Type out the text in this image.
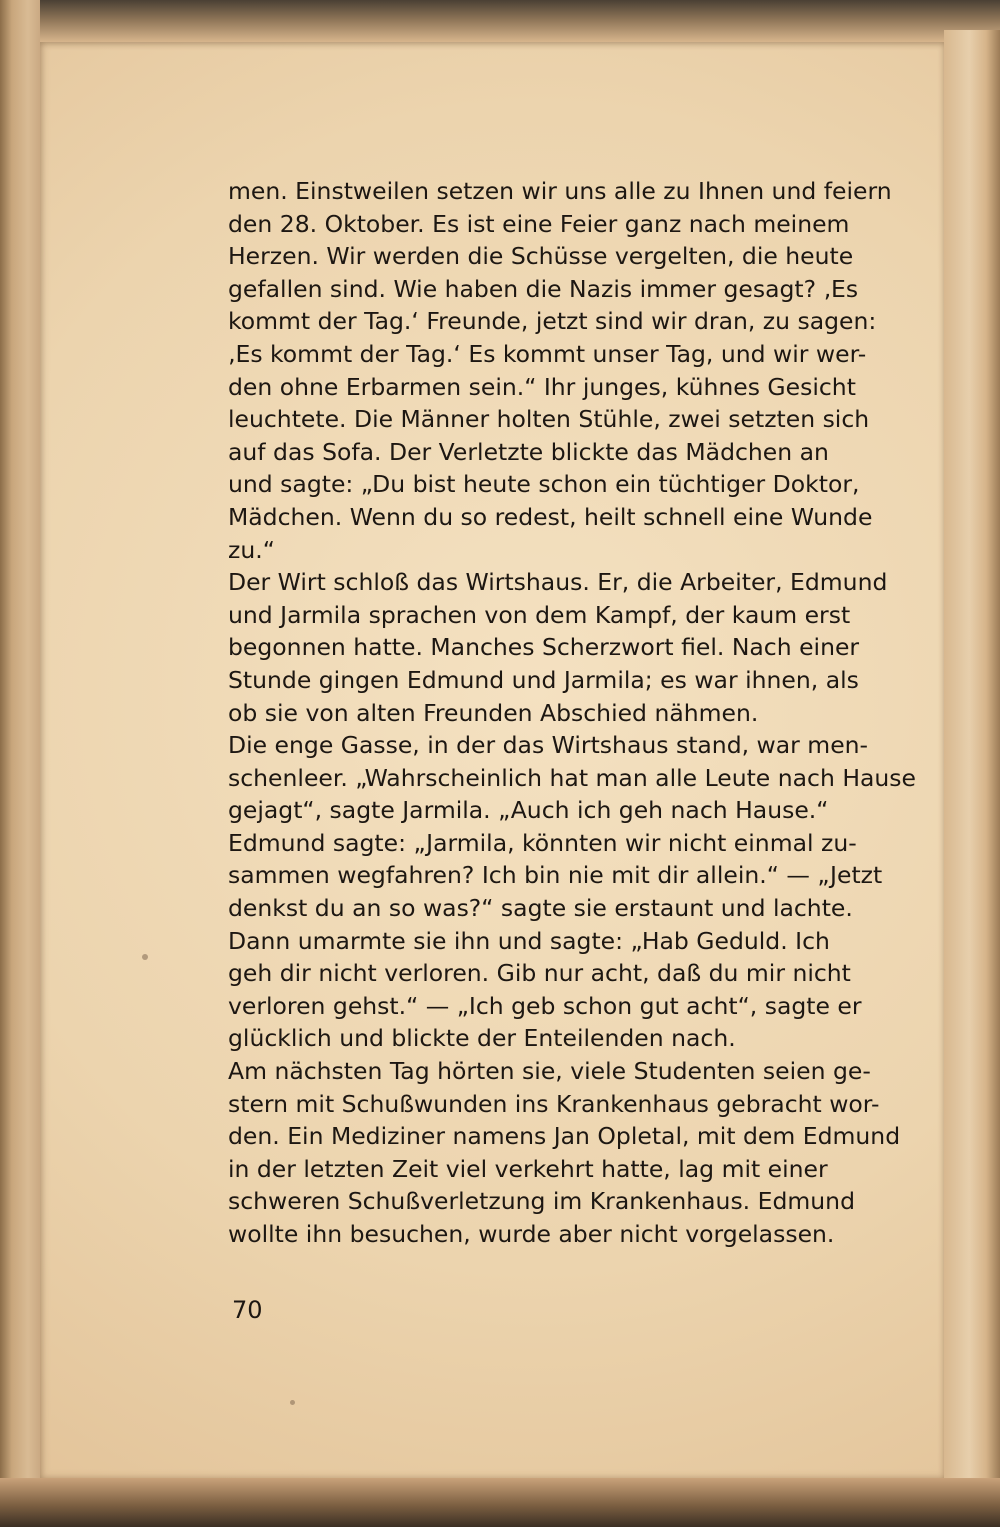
men. Einstweilen setzen wir uns alle zu Ihnen und feiern
den 28. Oktober. Es ist eine Feier ganz nach meinem
Herzen. Wir werden die Schüsse vergelten, die heute
gefallen sind. Wie haben die Nazis immer gesagt? ‚Es
kommt der Tag.‘ Freunde, jetzt sind wir dran, zu sagen:
‚Es kommt der Tag.‘ Es kommt unser Tag, und wir wer-
den ohne Erbarmen sein.“ Ihr junges, kühnes Gesicht
leuchtete. Die Männer holten Stühle, zwei setzten sich
auf das Sofa. Der Verletzte blickte das Mädchen an
und sagte: „Du bist heute schon ein tüchtiger Doktor,
Mädchen. Wenn du so redest, heilt schnell eine Wunde
zu.“
Der Wirt schloß das Wirtshaus. Er, die Arbeiter, Edmund
und Jarmila sprachen von dem Kampf, der kaum erst
begonnen hatte. Manches Scherzwort fiel. Nach einer
Stunde gingen Edmund und Jarmila; es war ihnen, als
ob sie von alten Freunden Abschied nähmen.
Die enge Gasse, in der das Wirtshaus stand, war men-
schenleer. „Wahrscheinlich hat man alle Leute nach Hause
gejagt“, sagte Jarmila. „Auch ich geh nach Hause.“
Edmund sagte: „Jarmila, könnten wir nicht einmal zu-
sammen wegfahren? Ich bin nie mit dir allein.“ — „Jetzt
denkst du an so was?“ sagte sie erstaunt und lachte.
Dann umarmte sie ihn und sagte: „Hab Geduld. Ich
geh dir nicht verloren. Gib nur acht, daß du mir nicht
verloren gehst.“ — „Ich geb schon gut acht“, sagte er
glücklich und blickte der Enteilenden nach.
Am nächsten Tag hörten sie, viele Studenten seien ge-
stern mit Schußwunden ins Krankenhaus gebracht wor-
den. Ein Mediziner namens Jan Opletal, mit dem Edmund
in der letzten Zeit viel verkehrt hatte, lag mit einer
schweren Schußverletzung im Krankenhaus. Edmund
wollte ihn besuchen, wurde aber nicht vorgelassen.
70
